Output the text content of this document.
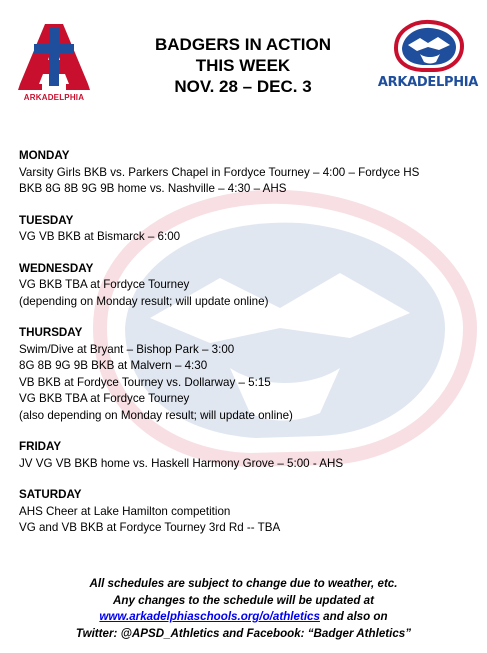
ARKADELPHIA
BADGERS IN ACTION
THIS WEEK
NOV. 28 – DEC. 3	ARKADELPHIA
MONDAY
Varsity Girls BKB vs. Parkers Chapel in Fordyce Tourney – 4:00 – Fordyce HS
BKB 8G 8B 9G 9B home vs. Nashville – 4:30 – AHS
TUESDAY
VG VB BKB at Bismarck – 6:00
WEDNESDAY
VG BKB TBA at Fordyce Tourney
(depending on Monday result; will update online)
THURSDAY
Swim/Dive at Bryant – Bishop Park – 3:00
8G 8B 9G 9B BKB at Malvern – 4:30
VB BKB at Fordyce Tourney vs. Dollarway – 5:15
VG BKB TBA at Fordyce Tourney
(also depending on Monday result; will update online)
FRIDAY
JV VG VB BKB home vs. Haskell Harmony Grove – 5:00 - AHS
SATURDAY
AHS Cheer at Lake Hamilton competition
VG and VB BKB at Fordyce Tourney 3rd Rd -- TBA
All schedules are subject to change due to weather, etc.
Any changes to the schedule will be updated at
www.arkadelphiaschools.org/o/athletics and also on
Twitter: @APSD_Athletics and Facebook: “Badger Athletics”
